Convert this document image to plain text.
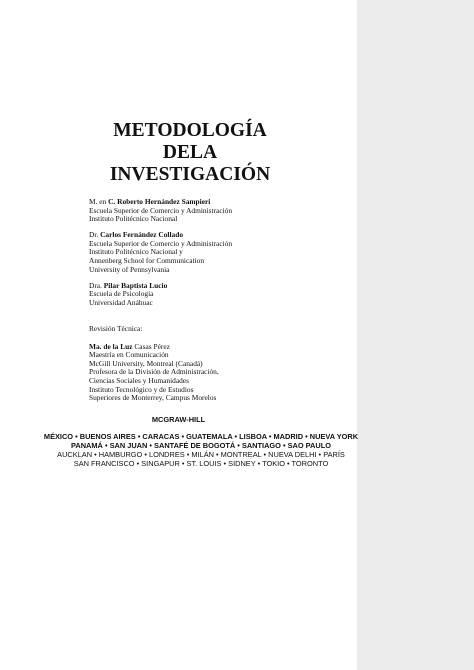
METODOLOGÍA
DELA
INVESTIGACIÓN
M. en C. Roberto Hernández Sampieri
Escuela Superior de Comercio y Administración
Instituto Politécnico Nacional
Dr. Carlos Fernández Collado
Escuela Superior de Comercio y Administración
Instituto Politécnico Nacional y
Annenberg School for Communication
University of Pennsylvania
Dra. Pilar Baptista Lucio
Escuela de Psicología
Universidad Anáhuac
Revisión Técnica:
Ma. de la Luz Casas Pérez
Maestría en Comunicación
McGill University, Montreal (Canadá)
Profesora de la División de Administración,
Ciencias Sociales y Humanidades
Instituto Tecnológico y de Estudios
Superiores de Monterrey, Campus Morelos
MCGRAW-HILL
MÉXICO • BUENOS AIRES • CARACAS • GUATEMALA • LISBOA • MADRID • NUEVA YORK
PANAMÁ • SAN JUAN • SANTAFÉ DE BOGOTÁ • SANTIAGO • SAO PAULO
AUCKLAN • HAMBURGO • LONDRES • MILÁN • MONTREAL • NUEVA DELHI • PARÍS
SAN FRANCISCO • SINGAPUR • ST. LOUIS • SIDNEY • TOKIO • TORONTO
